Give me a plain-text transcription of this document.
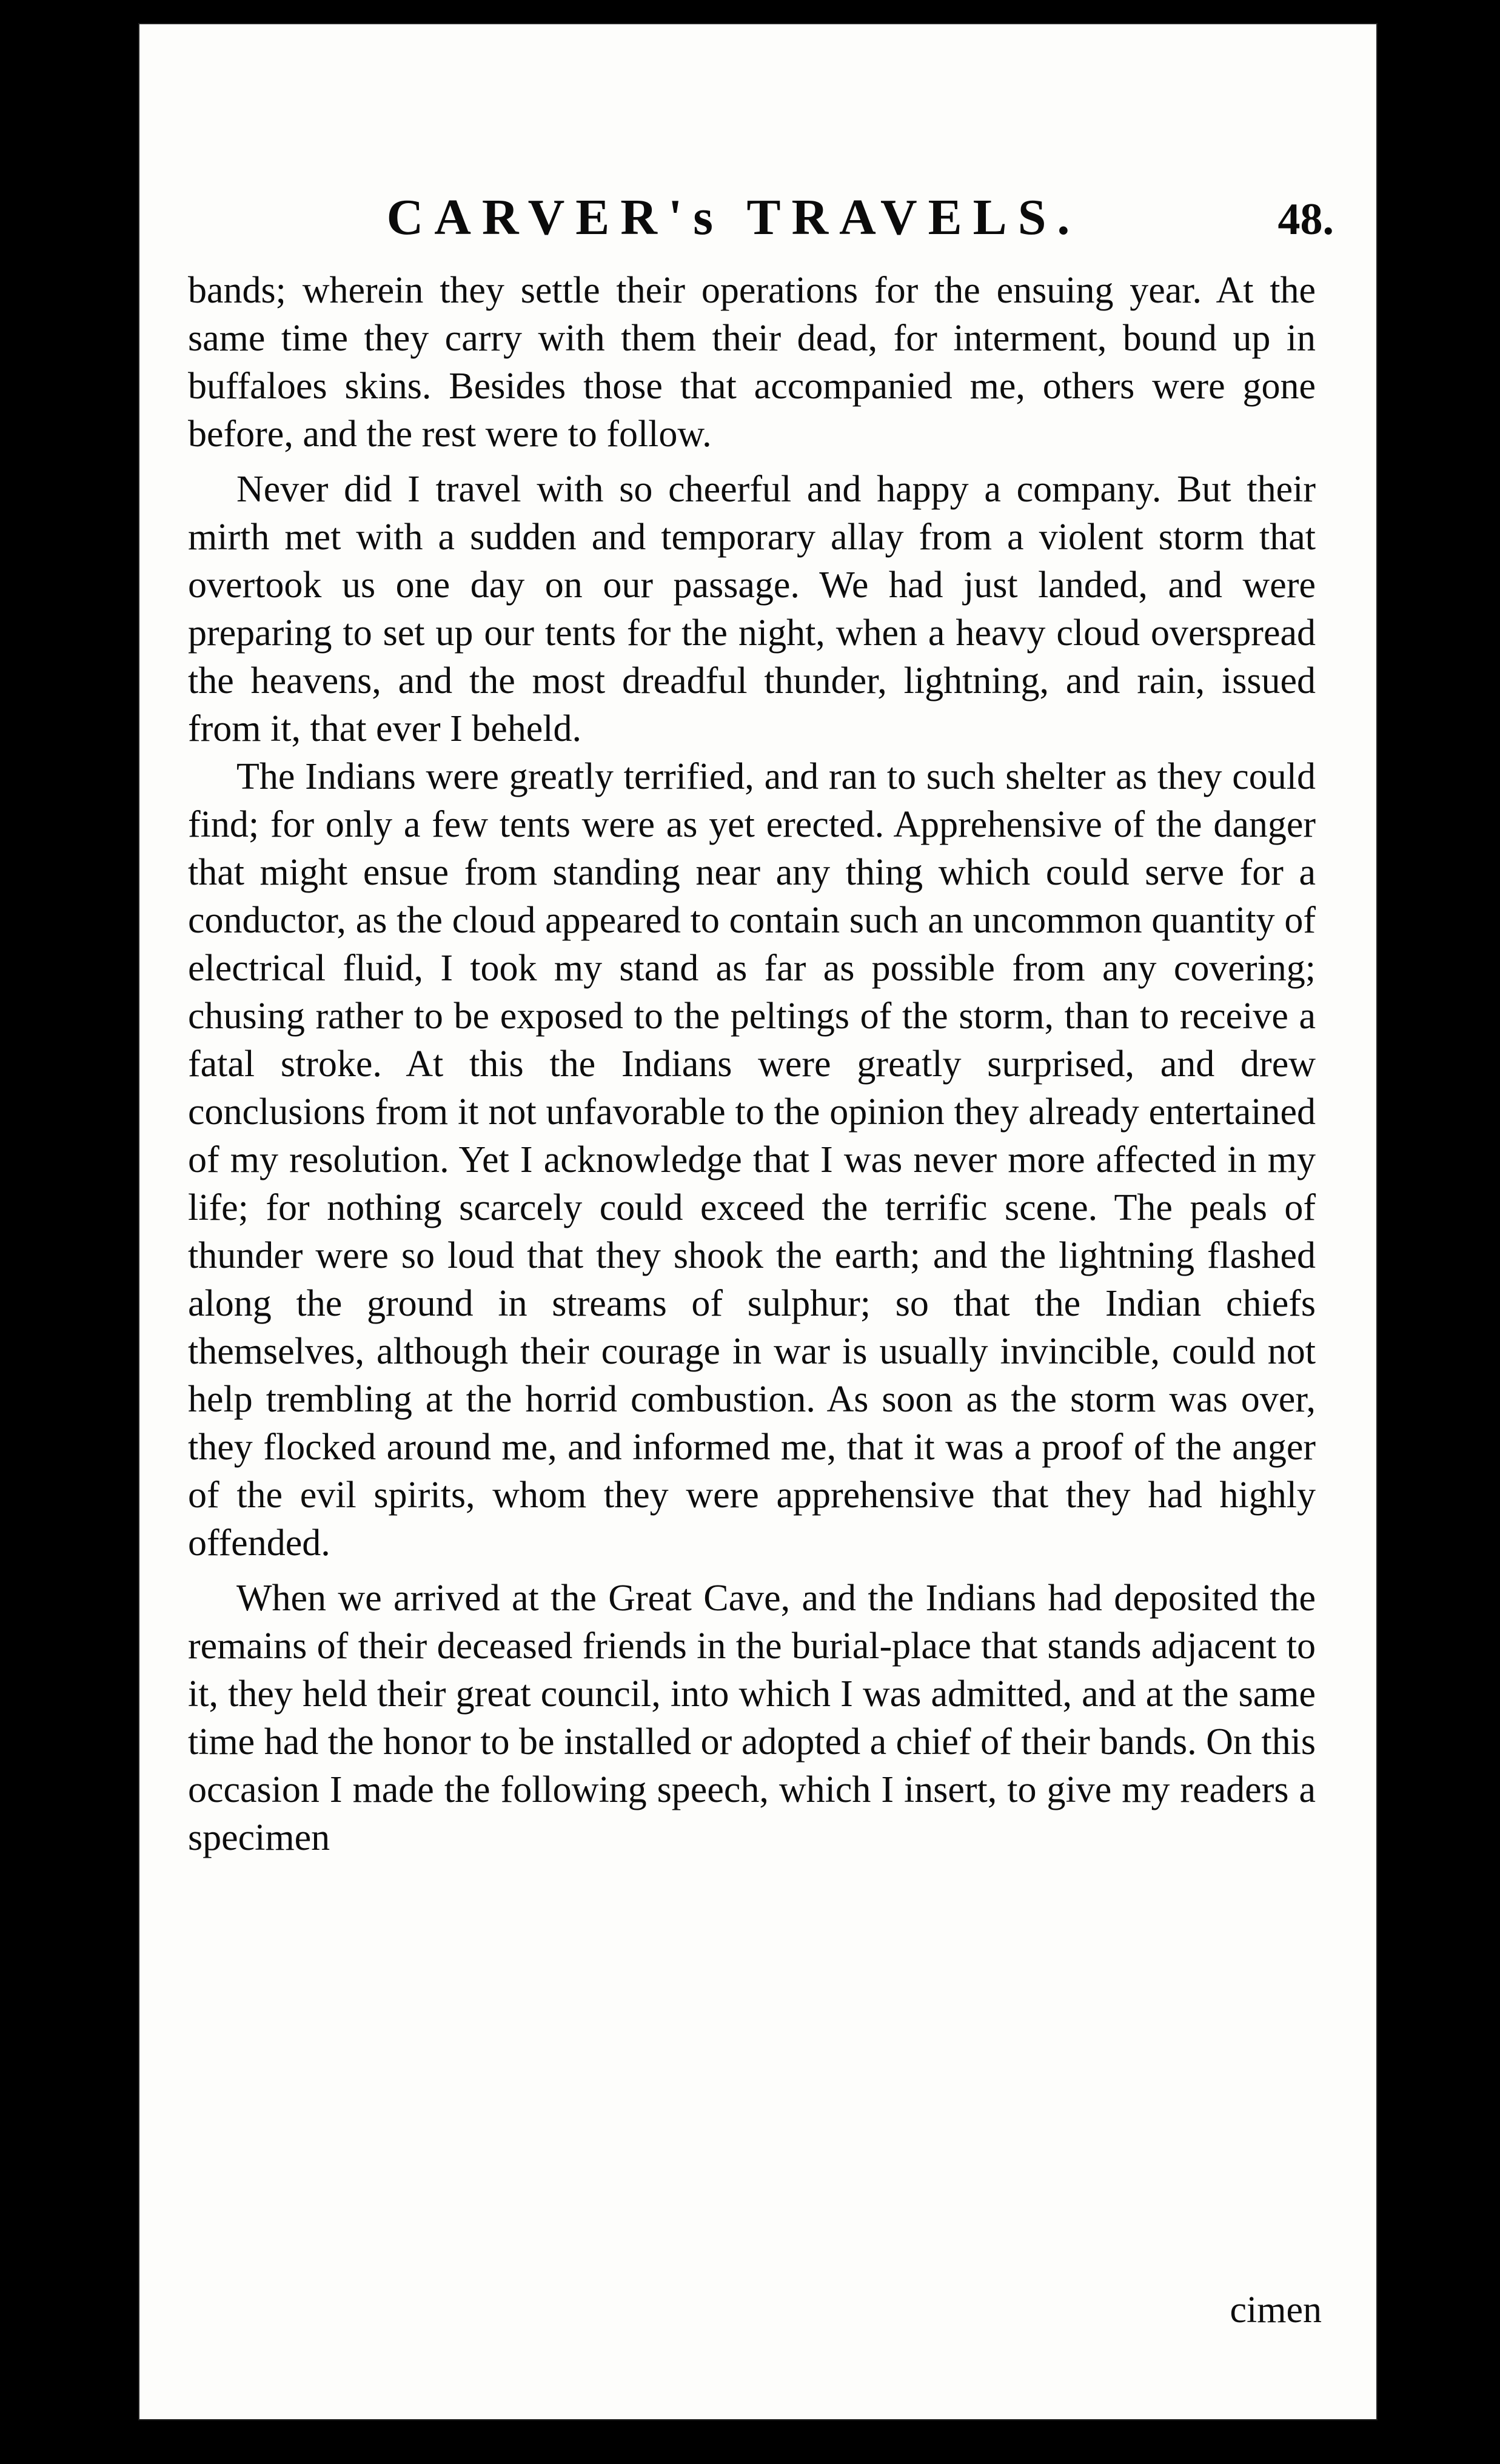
CARVER's TRAVELS.	48.

bands; wherein they settle their operations for the ensuing year. At the same time they carry with them their dead, for interment, bound up in buffaloes skins. Besides those that accompanied me, others were gone before, and the rest were to follow.

Never did I travel with so cheerful and happy a company. But their mirth met with a sudden and temporary allay from a violent storm that overtook us one day on our passage. We had just landed, and were preparing to set up our tents for the night, when a heavy cloud overspread the heavens, and the most dreadful thunder, lightning, and rain, issued from it, that ever I beheld.

The Indians were greatly terrified, and ran to such shelter as they could find; for only a few tents were as yet erected. Apprehensive of the danger that might ensue from standing near any thing which could serve for a conductor, as the cloud appeared to contain such an uncommon quantity of electrical fluid, I took my stand as far as possible from any covering; chusing rather to be exposed to the peltings of the storm, than to receive a fatal stroke. At this the Indians were greatly surprised, and drew conclusions from it not unfavorable to the opinion they already entertained of my resolution. Yet I acknowledge that I was never more affected in my life; for nothing scarcely could exceed the terrific scene. The peals of thunder were so loud that they shook the earth; and the lightning flashed along the ground in streams of sulphur; so that the Indian chiefs themselves, although their courage in war is usually invincible, could not help trembling at the horrid combustion. As soon as the storm was over, they flocked around me, and informed me, that it was a proof of the anger of the evil spirits, whom they were apprehensive that they had highly offended.

When we arrived at the Great Cave, and the Indians had deposited the remains of their deceased friends in the burial-place that stands adjacent to it, they held their great council, into which I was admitted, and at the same time had the honor to be installed or adopted a chief of their bands. On this occasion I made the following speech, which I insert, to give my readers a specimen

cimen
